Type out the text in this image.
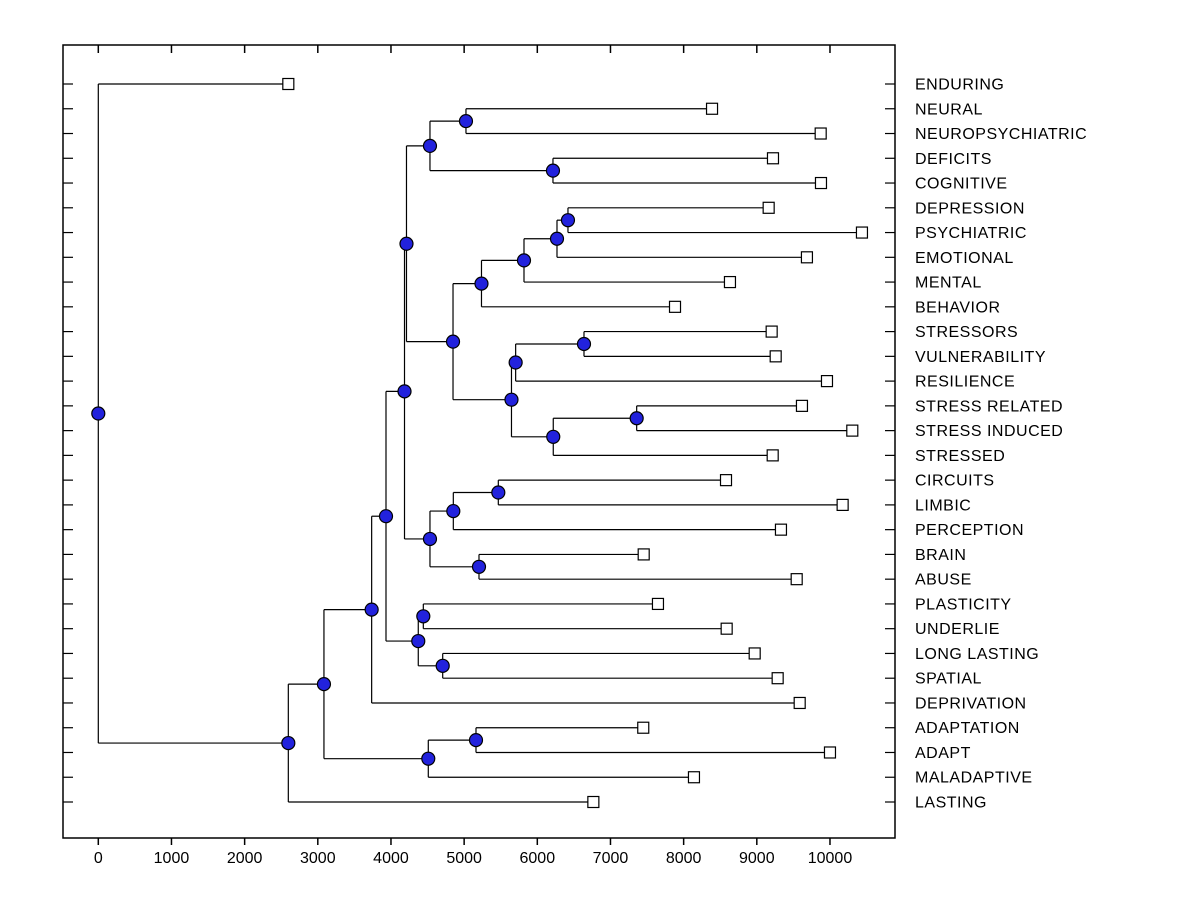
0	1000 2000 3000 4000 5000 6000 7000 8000 9000 10000
ENDURING
NEURAL
NEUROPSYCHIATRIC
DEFICITS
COGNITIVE
DEPRESSION
PSYCHIATRIC
EMOTIONAL
MENTAL
BEHAVIOR
STRESSORS
VULNERABILITY
RESILIENCE
STRESS RELATED
STRESS INDUCED
STRESSED
CIRCUITS
LIMBIC
PERCEPTION
BRAIN
ABUSE
PLASTICITY
UNDERLIE
LONG LASTING
SPATIAL
DEPRIVATION
ADAPTATION
ADAPT
MALADAPTIVE
LASTING
